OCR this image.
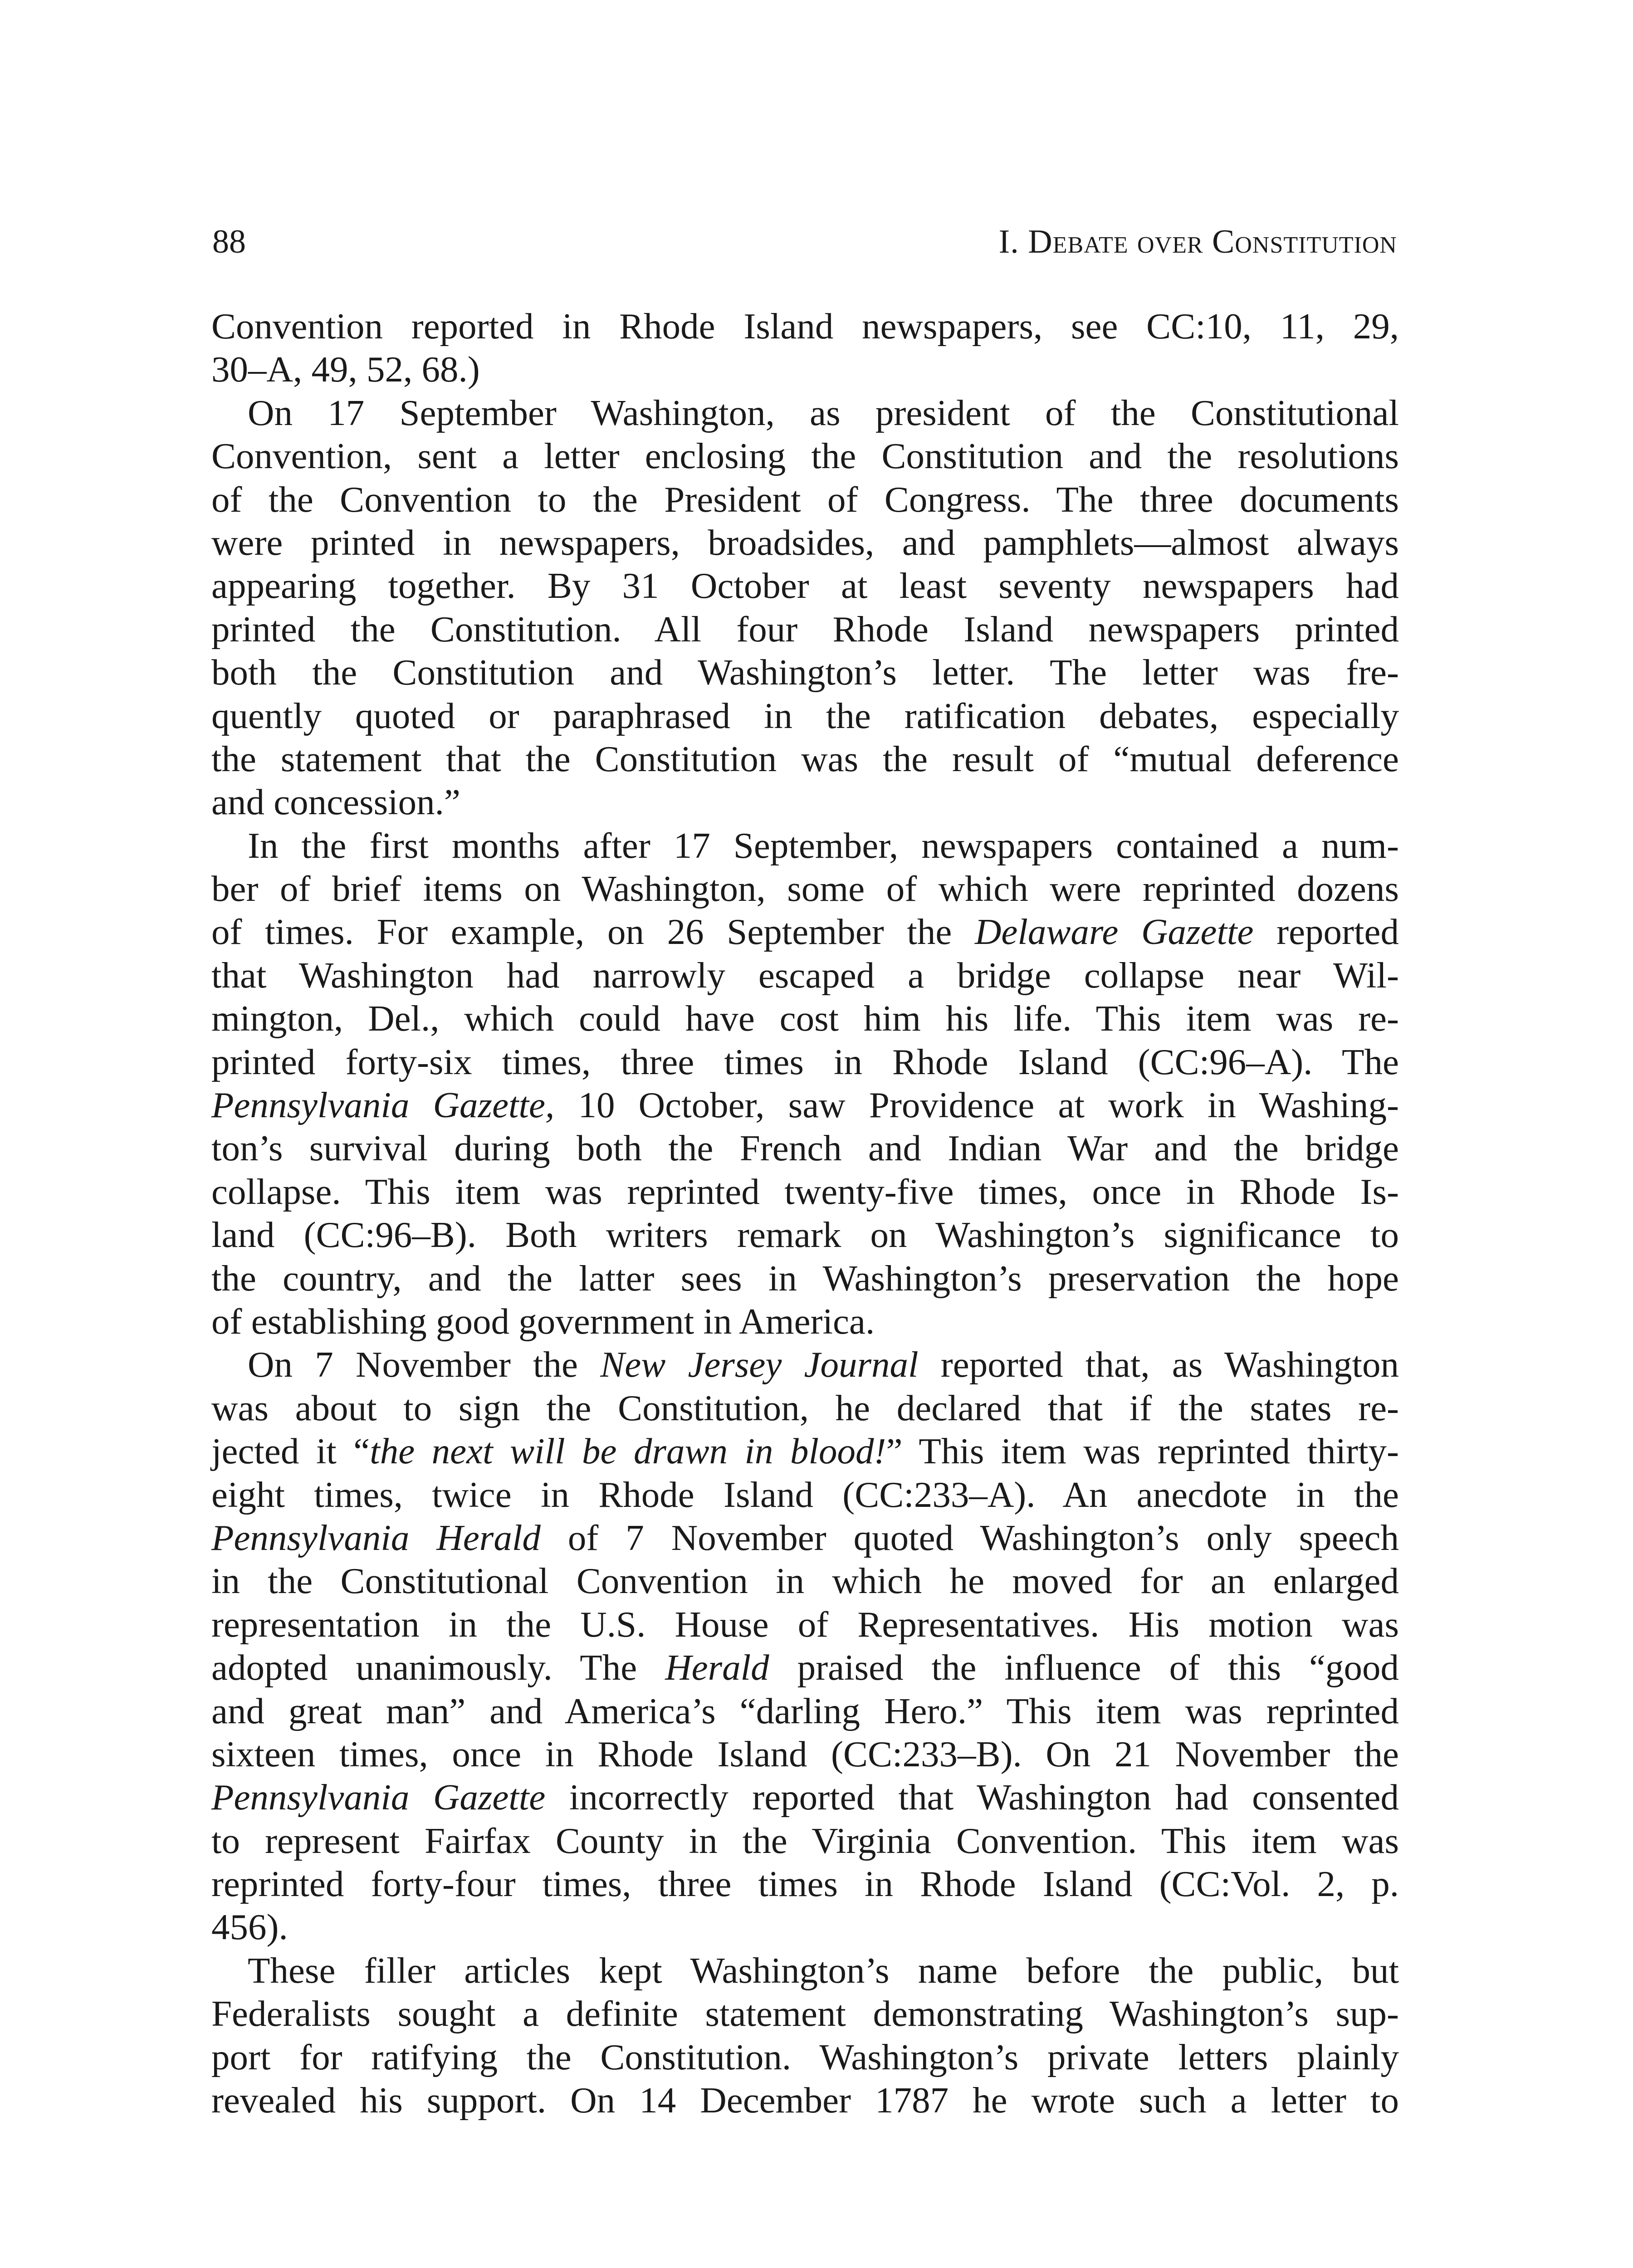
88	I. Debate over Constitution
Convention reported in Rhode Island newspapers, see CC:10, 11, 29,
30–A, 49, 52, 68.)
On 17 September Washington, as president of the Constitutional
Convention, sent a letter enclosing the Constitution and the resolutions
of the Convention to the President of Congress. The three documents
were printed in newspapers, broadsides, and pamphlets—almost always
appearing together. By 31 October at least seventy newspapers had
printed the Constitution. All four Rhode Island newspapers printed
both the Constitution and Washington’s letter. The letter was fre-
quently quoted or paraphrased in the ratification debates, especially
the statement that the Constitution was the result of “mutual deference
and concession.”
In the first months after 17 September, newspapers contained a num-
ber of brief items on Washington, some of which were reprinted dozens
of times. For example, on 26 September the Delaware Gazette reported
that Washington had narrowly escaped a bridge collapse near Wil-
mington, Del., which could have cost him his life. This item was re-
printed forty-six times, three times in Rhode Island (CC:96–A). The
Pennsylvania Gazette, 10 October, saw Providence at work in Washing-
ton’s survival during both the French and Indian War and the bridge
collapse. This item was reprinted twenty-five times, once in Rhode Is-
land (CC:96–B). Both writers remark on Washington’s significance to
the country, and the latter sees in Washington’s preservation the hope
of establishing good government in America.
On 7 November the New Jersey Journal reported that, as Washington
was about to sign the Constitution, he declared that if the states re-
jected it “the next will be drawn in blood!” This item was reprinted thirty-
eight times, twice in Rhode Island (CC:233–A). An anecdote in the
Pennsylvania Herald of 7 November quoted Washington’s only speech
in the Constitutional Convention in which he moved for an enlarged
representation in the U.S. House of Representatives. His motion was
adopted unanimously. The Herald praised the influence of this “good
and great man” and America’s “darling Hero.” This item was reprinted
sixteen times, once in Rhode Island (CC:233–B). On 21 November the
Pennsylvania Gazette incorrectly reported that Washington had consented
to represent Fairfax County in the Virginia Convention. This item was
reprinted forty-four times, three times in Rhode Island (CC:Vol. 2, p.
456).
These filler articles kept Washington’s name before the public, but
Federalists sought a definite statement demonstrating Washington’s sup-
port for ratifying the Constitution. Washington’s private letters plainly
revealed his support. On 14 December 1787 he wrote such a letter to
